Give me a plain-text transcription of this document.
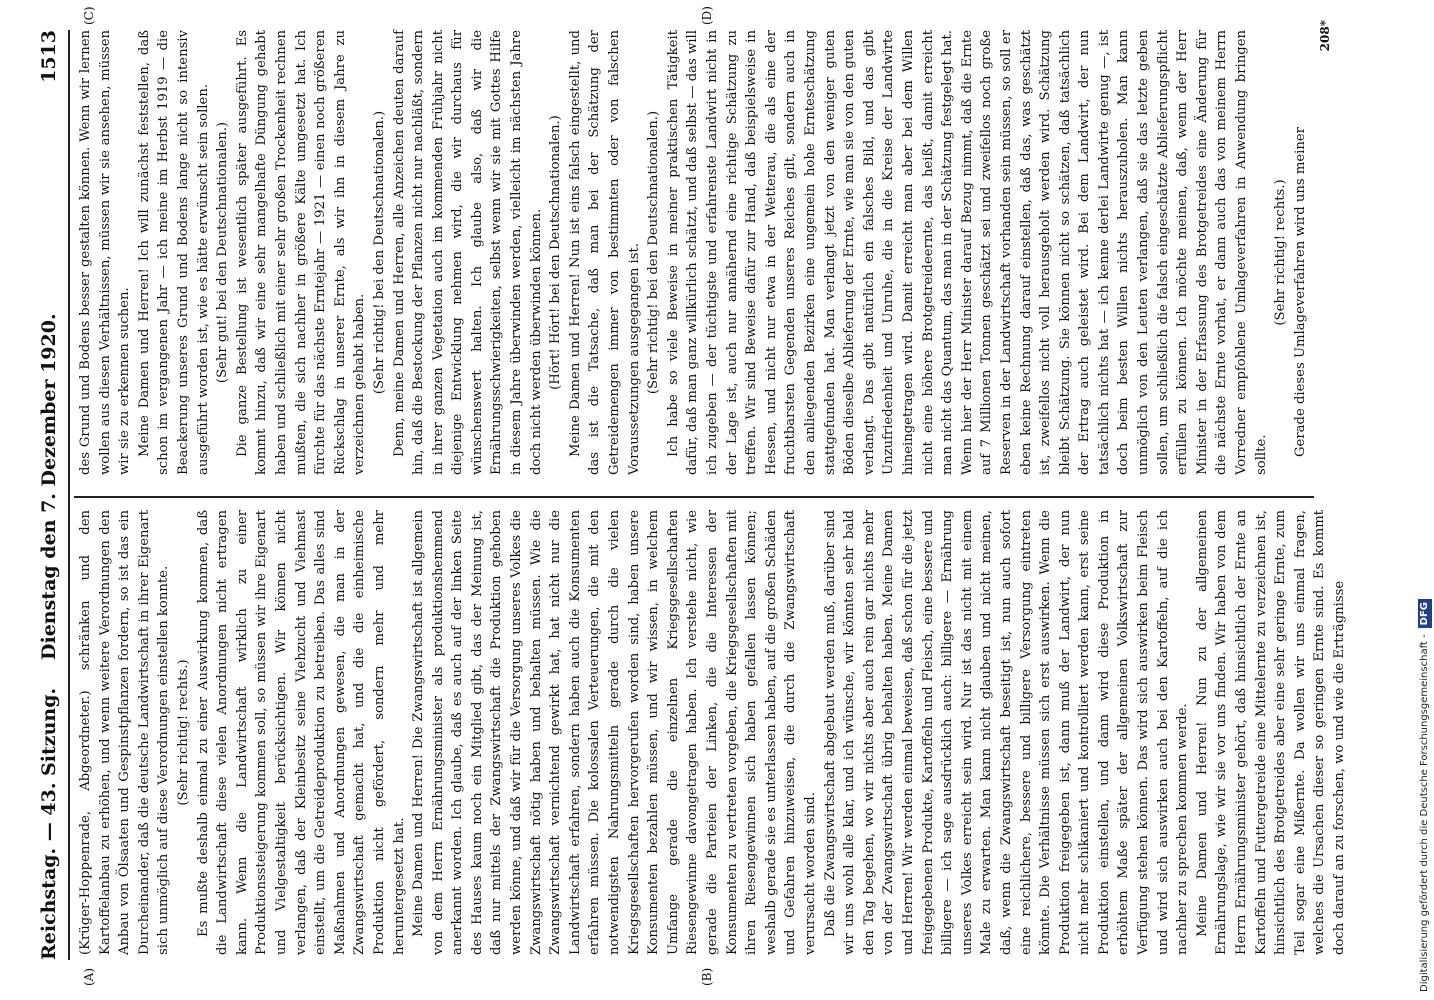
Reichstag. — 43. Sitzung.
Dienstag den 7. Dezember 1920.
1513
(A)	(B)
(C)	(D)

(Krüger-Hoppenrade, Abgeordneter.) schränken und den Kartoffelanbau zu erhöhen, und wenn weitere Verordnungen den Anbau von Ölsaaten und Gespinstpflanzen fordern, so ist das ein Durcheinander, daß die deutsche Landwirtschaft in ihrer Eigenart sich unmöglich auf diese Verordnungen einstellen konnte. (Sehr richtig! rechts.) Es mußte deshalb einmal zu einer Auswirkung kommen, daß die Landwirtschaft diese vielen Anordnungen nicht ertragen kann. Wenn die Landwirtschaft wirklich zu einer Produktionssteigerung kommen soll, so müssen wir ihre Eigenart und Vielgestaltigkeit berücksichtigen. Wir können nicht verlangen, daß der Kleinbesitz seine Viehzucht und Viehmast einstellt, um die Getreideproduktion zu betreiben. Das alles sind Maßnahmen und Anordnungen gewesen, die man in der Zwangswirtschaft gemacht hat, und die die einheimische Produktion nicht gefördert, sondern mehr und mehr heruntergesetzt hat. Meine Damen und Herren! Die Zwangswirtschaft ist allgemein von dem Herrn Ernährungsminister als produktionshemmend anerkannt worden. Ich glaube, daß es auch auf der linken Seite des Hauses kaum noch ein Mitglied gibt, das der Meinung ist, daß nur mittels der Zwangswirtschaft die Produktion gehoben werden könne, und daß wir für die Versorgung unseres Volkes die Zwangswirtschaft nötig haben und behalten müssen. Wie die Zwangswirtschaft vernichtend gewirkt hat, hat nicht nur die Landwirtschaft erfahren, sondern haben auch die Konsumenten erfahren müssen. Die kolossalen Verteuerungen, die mit den notwendigsten Nahrungsmitteln gerade durch die vielen Kriegsgesellschaften hervorgerufen worden sind, haben unsere Konsumenten bezahlen müssen, und wir wissen, in welchem Umfange gerade die einzelnen Kriegsgesellschaften Riesengewinne davongetragen haben. Ich verstehe nicht, wie gerade die Parteien der Linken, die die Interessen der Konsumenten zu vertreten vorgeben, die Kriegsgesellschaften mit ihren Riesengewinnen sich haben gefallen lassen können; weshalb gerade sie es unterlassen haben, auf die großen Schäden und Gefahren hinzuweisen, die durch die Zwangswirtschaft verursacht worden sind. Daß die Zwangswirtschaft abgebaut werden muß, darüber sind wir uns wohl alle klar, und ich wünsche, wir könnten sehr bald den Tag begehen, wo wir nichts aber auch rein gar nichts mehr von der Zwangswirtschaft übrig behalten haben. Meine Damen und Herren! Wir werden einmal beweisen, daß schon für die jetzt freigegebenen Produkte, Kartoffeln und Fleisch, eine bessere und billigere — ich sage ausdrücklich auch: billigere — Ernährung unseres Volkes erreicht sein wird. Nur ist das nicht mit einem Male zu erwarten. Man kann nicht glauben und nicht meinen, daß, wenn die Zwangswirtschaft beseitigt ist, nun auch sofort eine reichlichere, bessere und billigere Versorgung eintreten könnte. Die Verhältnisse müssen sich erst auswirken. Wenn die Produktion freigegeben ist, dann muß der Landwirt, der nun nicht mehr schikaniert und kontrolliert werden kann, erst seine Produktion einstellen, und dann wird diese Produktion in erhöhtem Maße später der allgemeinen Volkswirtschaft zur Verfügung stehen können. Das wird sich auswirken beim Fleisch und wird sich auswirken auch bei den Kartoffeln, auf die ich nachher zu sprechen kommen werde. Meine Damen und Herren! Nun zu der allgemeinen Ernährungslage, wie wir sie vor uns finden. Wir haben von dem Herrn Ernährungsminister gehört, daß hinsichtlich der Ernte an Kartoffeln und Futtergetreide eine Mittelernte zu verzeichnen ist, hinsichtlich des Brotgetreides aber eine sehr geringe Ernte, zum Teil sogar eine Mißernte. Da wollen wir uns einmal fragen, welches die Ursachen dieser so geringen Ernte sind. Es kommt doch darauf an zu forschen, wo und wie die Erträgnisse

des Grund und Bodens besser gestalten können. Wenn wir lernen wollen aus diesen Verhältnissen, müssen wir sie ansehen, müssen wir sie zu erkennen suchen. Meine Damen und Herren! Ich will zunächst feststellen, daß schon im vergangenen Jahr — ich meine im Herbst 1919 — die Beackerung unseres Grund und Bodens lange nicht so intensiv ausgeführt worden ist, wie es hätte erwünscht sein sollen. (Sehr gut! bei den Deutschnationalen.) Die ganze Bestellung ist wesentlich später ausgeführt. Es kommt hinzu, daß wir eine sehr mangelhafte Düngung gehabt haben und schließlich mit einer sehr großen Trockenheit rechnen mußten, die sich nachher in größere Kälte umgesetzt hat. Ich fürchte für das nächste Erntejahr — 1921 — einen noch größeren Rückschlag in unserer Ernte, als wir ihn in diesem Jahre zu verzeichnen gehabt haben. (Sehr richtig! bei den Deutschnationalen.) Denn, meine Damen und Herren, alle Anzeichen deuten darauf hin, daß die Bestockung der Pflanzen nicht nur nachläßt, sondern in ihrer ganzen Vegetation auch im kommenden Frühjahr nicht diejenige Entwicklung nehmen wird, die wir durchaus für wünschenswert halten. Ich glaube also, daß wir die Ernährungsschwierigkeiten, selbst wenn wir sie mit Gottes Hilfe in diesem Jahre überwinden werden, vielleicht im nächsten Jahre doch nicht werden überwinden können. (Hört! Hört! bei den Deutschnationalen.) Meine Damen und Herren! Nun ist eins falsch eingestellt, und das ist die Tatsache, daß man bei der Schätzung der Getreidemengen immer von bestimmten oder von falschen Voraussetzungen ausgegangen ist. (Sehr richtig! bei den Deutschnationalen.) Ich habe so viele Beweise in meiner praktischen Tätigkeit dafür, daß man ganz willkürlich schätzt, und daß selbst — das will ich zugeben — der tüchtigste und erfahrenste Landwirt nicht in der Lage ist, auch nur annähernd eine richtige Schätzung zu treffen. Wir sind Beweise dafür zur Hand, daß beispielsweise in Hessen, und nicht nur etwa in der Wetterau, die als eine der fruchtbarsten Gegenden unseres Reiches gilt, sondern auch in den anliegenden Bezirken eine ungemein hohe Ernteschätzung stattgefunden hat. Man verlangt jetzt von den weniger guten Böden dieselbe Ablieferung der Ernte, wie man sie von den guten verlangt. Das gibt natürlich ein falsches Bild, und das gibt Unzufriedenheit und Unruhe, die in die Kreise der Landwirte hineingetragen wird. Damit erreicht man aber bei dem Willen nicht eine höhere Brotgetreideernte, das heißt, damit erreicht man nicht das Quantum, das man in der Schätzung festgelegt hat. Wenn hier der Herr Minister darauf Bezug nimmt, daß die Ernte auf 7 Millionen Tonnen geschätzt sei und zweifellos noch große Reserven in der Landwirtschaft vorhanden sein müssen, so soll er eben keine Rechnung darauf einstellen, daß das, was geschätzt ist, zweifellos nicht voll herausgeholt werden wird. Schätzung bleibt Schätzung. Sie können nicht so schätzen, daß tatsächlich der Ertrag auch geleistet wird. Bei dem Landwirt, der nun tatsächlich nichts hat — ich kenne derlei Landwirte genug —, ist doch beim besten Willen nichts herauszuholen. Man kann unmöglich von den Leuten verlangen, daß sie das letzte geben sollen, um schließlich die falsch eingeschätzte Ablieferungspflicht erfüllen zu können. Ich möchte meinen, daß, wenn der Herr Minister in der Erfassung des Brotgetreides eine Änderung für die nächste Ernte vorhat, er dann auch das von meinem Herrn Vorredner empfohlene Umlageverfahren in Anwendung bringen sollte.

(Sehr richtig! rechts.) Gerade dieses Umlageverfahren wird uns meiner

208*
Digitalisierung gefördert durch die Deutsche Forschungsgemeinschaft -DFG
